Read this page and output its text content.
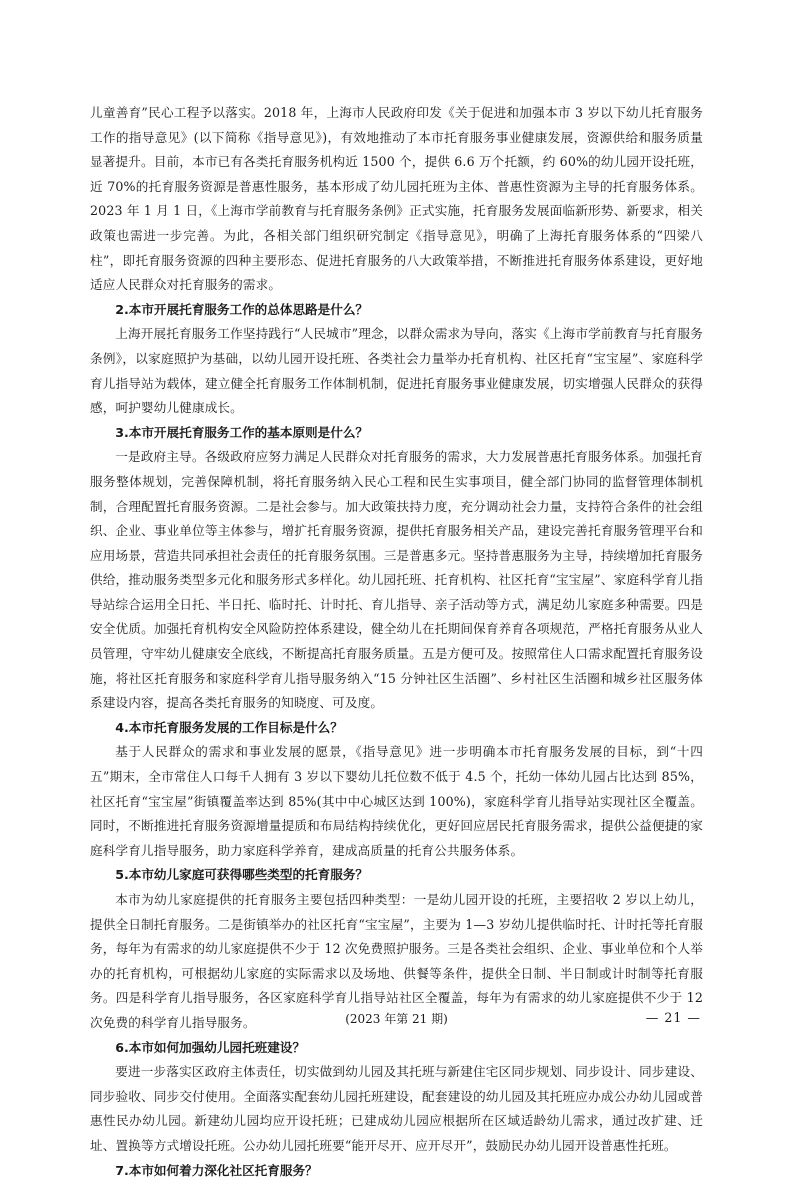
儿童善育”民心工程予以落实。2018 年，上海市人民政府印发《关于促进和加强本市 3 岁以下幼儿托育服务工作的指导意见》(以下简称《指导意见》)，有效地推动了本市托育服务事业健康发展，资源供给和服务质量显著提升。目前，本市已有各类托育服务机构近 1500 个，提供 6.6 万个托额，约 60%的幼儿园开设托班，近 70%的托育服务资源是普惠性服务，基本形成了幼儿园托班为主体、普惠性资源为主导的托育服务体系。2023 年 1 月 1 日，《上海市学前教育与托育服务条例》正式实施，托育服务发展面临新形势、新要求，相关政策也需进一步完善。为此，各相关部门组织研究制定《指导意见》，明确了上海托育服务体系的“四梁八柱”，即托育服务资源的四种主要形态、促进托育服务的八大政策举措，不断推进托育服务体系建设，更好地适应人民群众对托育服务的需求。

2.本市开展托育服务工作的总体思路是什么？

上海开展托育服务工作坚持践行“人民城市”理念，以群众需求为导向，落实《上海市学前教育与托育服务条例》，以家庭照护为基础，以幼儿园开设托班、各类社会力量举办托育机构、社区托育“宝宝屋”、家庭科学育儿指导站为载体，建立健全托育服务工作体制机制，促进托育服务事业健康发展，切实增强人民群众的获得感，呵护婴幼儿健康成长。

3.本市开展托育服务工作的基本原则是什么？

一是政府主导。各级政府应努力满足人民群众对托育服务的需求，大力发展普惠托育服务体系。加强托育服务整体规划，完善保障机制，将托育服务纳入民心工程和民生实事项目，健全部门协同的监督管理体制机制，合理配置托育服务资源。二是社会参与。加大政策扶持力度，充分调动社会力量，支持符合条件的社会组织、企业、事业单位等主体参与，增扩托育服务资源，提供托育服务相关产品，建设完善托育服务管理平台和应用场景，营造共同承担社会责任的托育服务氛围。三是普惠多元。坚持普惠服务为主导，持续增加托育服务供给，推动服务类型多元化和服务形式多样化。幼儿园托班、托育机构、社区托育“宝宝屋”、家庭科学育儿指导站综合运用全日托、半日托、临时托、计时托、育儿指导、亲子活动等方式，满足幼儿家庭多种需要。四是安全优质。加强托育机构安全风险防控体系建设，健全幼儿在托期间保育养育各项规范，严格托育服务从业人员管理，守牢幼儿健康安全底线，不断提高托育服务质量。五是方便可及。按照常住人口需求配置托育服务设施，将社区托育服务和家庭科学育儿指导服务纳入“15 分钟社区生活圈”、乡村社区生活圈和城乡社区服务体系建设内容，提高各类托育服务的知晓度、可及度。

4.本市托育服务发展的工作目标是什么？

基于人民群众的需求和事业发展的愿景，《指导意见》进一步明确本市托育服务发展的目标，到“十四五”期末，全市常住人口每千人拥有 3 岁以下婴幼儿托位数不低于 4.5 个，托幼一体幼儿园占比达到 85%，社区托育“宝宝屋”街镇覆盖率达到 85%(其中中心城区达到 100%)，家庭科学育儿指导站实现社区全覆盖。同时，不断推进托育服务资源增量提质和布局结构持续优化，更好回应居民托育服务需求，提供公益便捷的家庭科学育儿指导服务，助力家庭科学养育，建成高质量的托育公共服务体系。

5.本市幼儿家庭可获得哪些类型的托育服务？

本市为幼儿家庭提供的托育服务主要包括四种类型：一是幼儿园开设的托班，主要招收 2 岁以上幼儿，提供全日制托育服务。二是街镇举办的社区托育“宝宝屋”，主要为 1—3 岁幼儿提供临时托、计时托等托育服务，每年为有需求的幼儿家庭提供不少于 12 次免费照护服务。三是各类社会组织、企业、事业单位和个人举办的托育机构，可根据幼儿家庭的实际需求以及场地、供餐等条件，提供全日制、半日制或计时制等托育服务。四是科学育儿指导服务，各区家庭科学育儿指导站社区全覆盖，每年为有需求的幼儿家庭提供不少于 12 次免费的科学育儿指导服务。

6.本市如何加强幼儿园托班建设？

要进一步落实区政府主体责任，切实做到幼儿园及其托班与新建住宅区同步规划、同步设计、同步建设、同步验收、同步交付使用。全面落实配套幼儿园托班建设，配套建设的幼儿园及其托班应办成公办幼儿园或普惠性民办幼儿园。新建幼儿园均应开设托班；已建成幼儿园应根据所在区域适龄幼儿需求，通过改扩建、迁址、置换等方式增设托班。公办幼儿园托班要“能开尽开、应开尽开”，鼓励民办幼儿园开设普惠性托班。

7.本市如何着力深化社区托育服务？

(2023 年第 21 期)	— 21 —
